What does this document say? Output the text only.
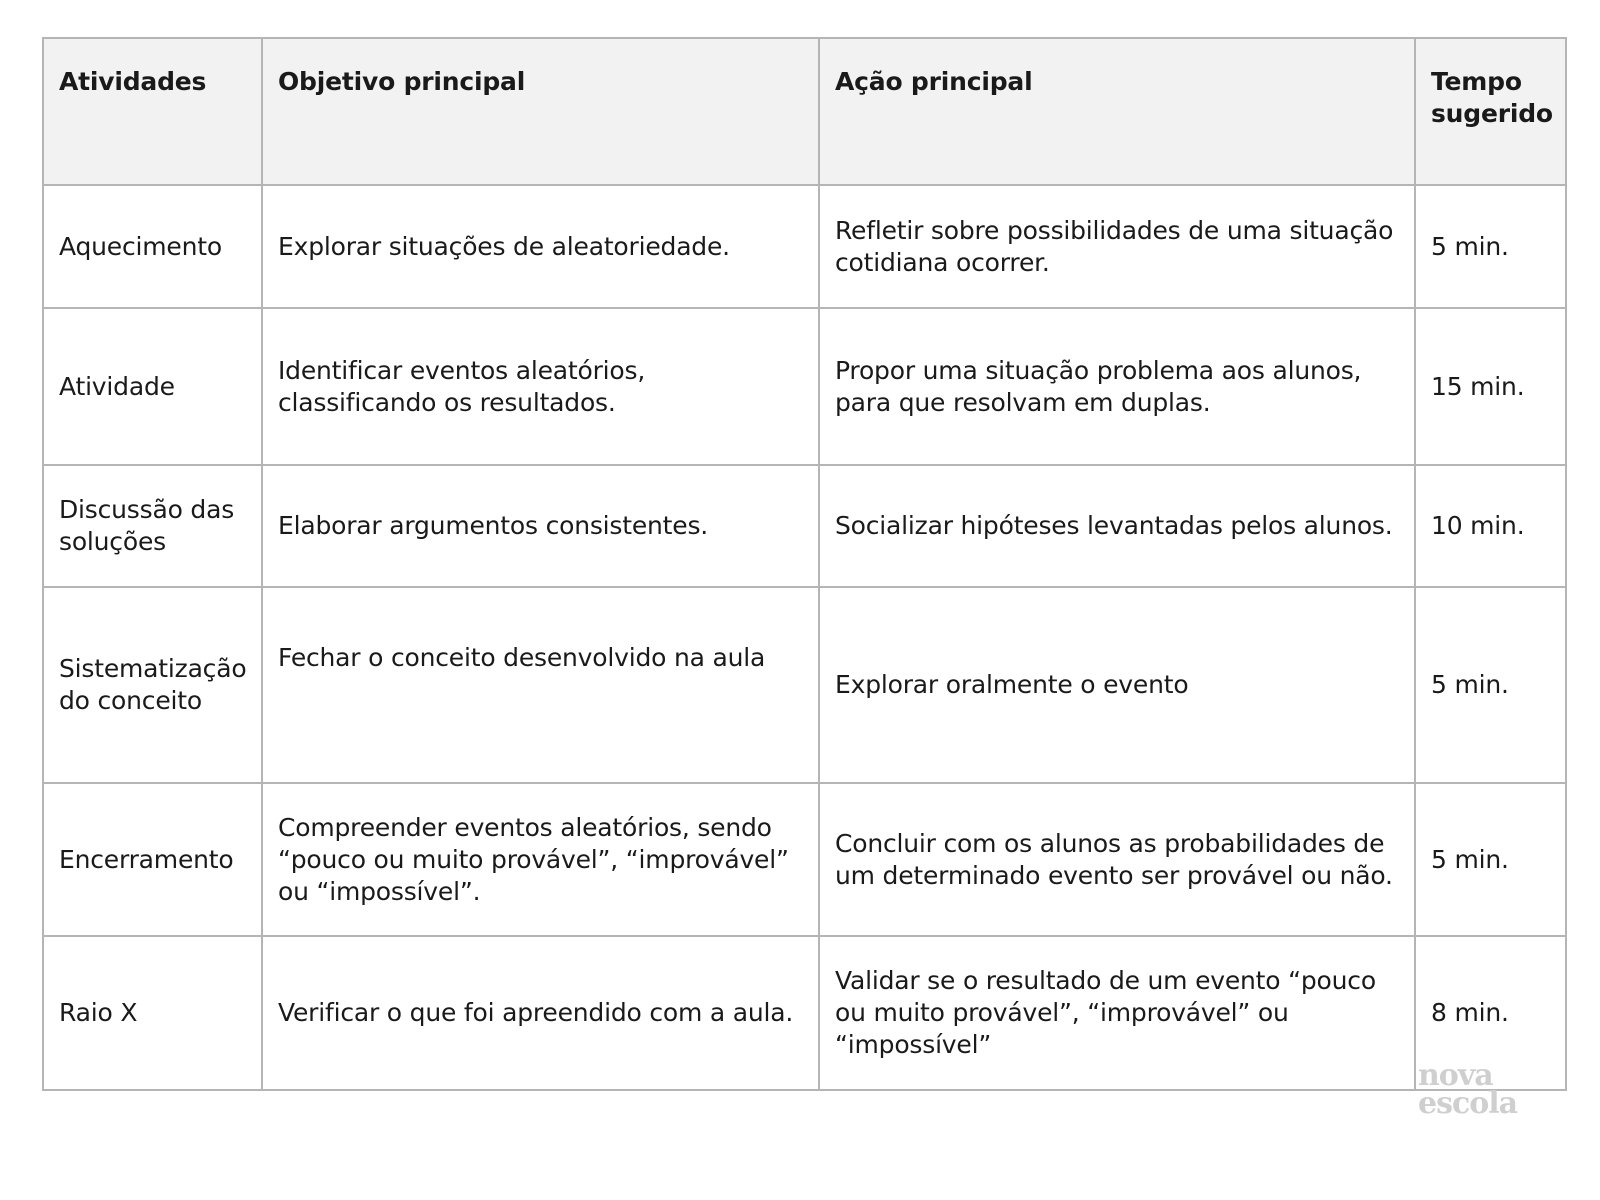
Atividades	Objetivo principal	Ação principal	Tempo sugerido
Aquecimento	Explorar situações de aleatoriedade.	Refletir sobre possibilidades de uma situação cotidiana ocorrer.	5 min.
Atividade	Identificar eventos aleatórios, classificando os resultados.	Propor uma situação problema aos alunos, para que resolvam em duplas.	15 min.
Discussão das soluções	Elaborar argumentos consistentes.	Socializar hipóteses levantadas pelos alunos.	10 min.
Sistematização do conceito	Fechar o conceito desenvolvido na aula	Explorar oralmente o evento	5 min.
Encerramento	Compreender eventos aleatórios, sendo “pouco ou muito provável”, “improvável” ou “impossível”.	Concluir com os alunos as probabilidades de um determinado evento ser provável ou não.	5 min.
Raio X	Verificar o que foi apreendido com a aula.	Validar se o resultado de um evento “pouco ou muito provável”, “improvável” ou “impossível”	8 min.
nova
escola
